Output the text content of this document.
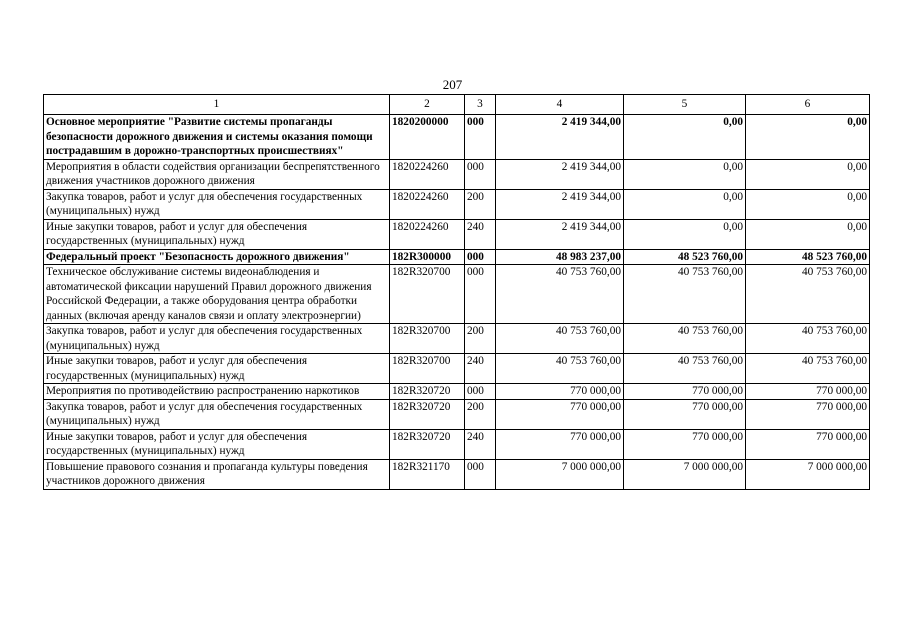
207
1	2	3	4	5	6
Основное мероприятие "Развитие системы пропаганды безопасности дорожного движения и системы оказания помощи пострадавшим в дорожно-транспортных происшествиях"	1820200000	000	2 419 344,00	0,00	0,00
Мероприятия в области содействия организации беспрепятственного движения участников дорожного движения	1820224260	000	2 419 344,00	0,00	0,00
Закупка товаров, работ и услуг для обеспечения государственных (муниципальных) нужд	1820224260	200	2 419 344,00	0,00	0,00
Иные закупки товаров, работ и услуг для обеспечения государственных (муниципальных) нужд	1820224260	240	2 419 344,00	0,00	0,00
Федеральный проект "Безопасность дорожного движения"	182R300000	000	48 983 237,00	48 523 760,00	48 523 760,00
Техническое обслуживание системы видеонаблюдения и автоматической фиксации нарушений Правил дорожного движения Российской Федерации, а также оборудования центра обработки данных (включая аренду каналов связи и оплату электроэнергии)	182R320700	000	40 753 760,00	40 753 760,00	40 753 760,00
Закупка товаров, работ и услуг для обеспечения государственных (муниципальных) нужд	182R320700	200	40 753 760,00	40 753 760,00	40 753 760,00
Иные закупки товаров, работ и услуг для обеспечения государственных (муниципальных) нужд	182R320700	240	40 753 760,00	40 753 760,00	40 753 760,00
Мероприятия по противодействию распространению наркотиков	182R320720	000	770 000,00	770 000,00	770 000,00
Закупка товаров, работ и услуг для обеспечения государственных (муниципальных) нужд	182R320720	200	770 000,00	770 000,00	770 000,00
Иные закупки товаров, работ и услуг для обеспечения государственных (муниципальных) нужд	182R320720	240	770 000,00	770 000,00	770 000,00
Повышение правового сознания и пропаганда культуры поведения участников дорожного движения	182R321170	000	7 000 000,00	7 000 000,00	7 000 000,00
